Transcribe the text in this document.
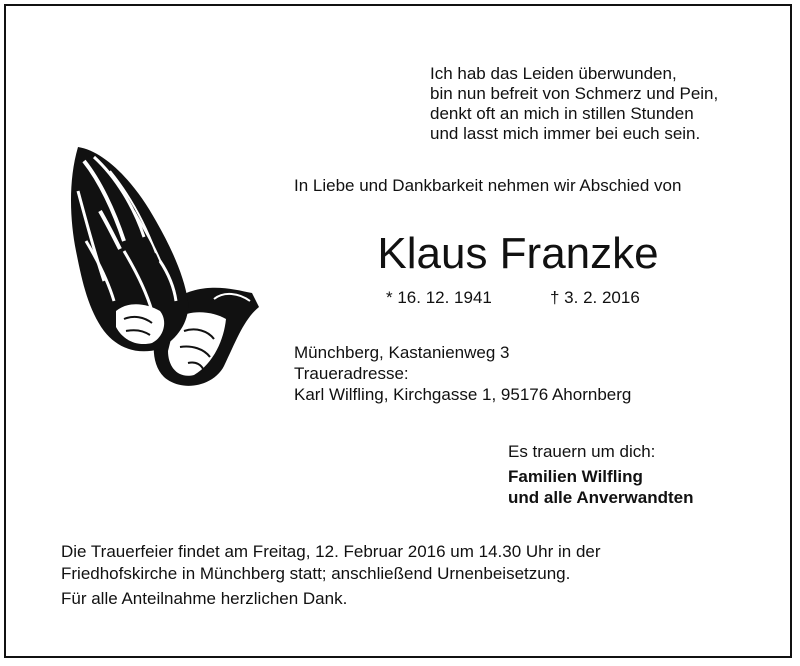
Ich hab das Leiden überwunden,
bin nun befreit von Schmerz und Pein,
denkt oft an mich in stillen Stunden
und lasst mich immer bei euch sein.
In Liebe und Dankbarkeit nehmen wir Abschied von
Klaus Franzke
* 16. 12. 1941	† 3. 2. 2016
Münchberg, Kastanienweg 3
Traueradresse:
Karl Wilfling, Kirchgasse 1, 95176 Ahornberg
Es trauern um dich:
Familien Wilfling
und alle Anverwandten
Die Trauerfeier findet am Freitag, 12. Februar 2016 um 14.30 Uhr in der
Friedhofskirche in Münchberg statt; anschließend Urnenbeisetzung.
Für alle Anteilnahme herzlichen Dank.
